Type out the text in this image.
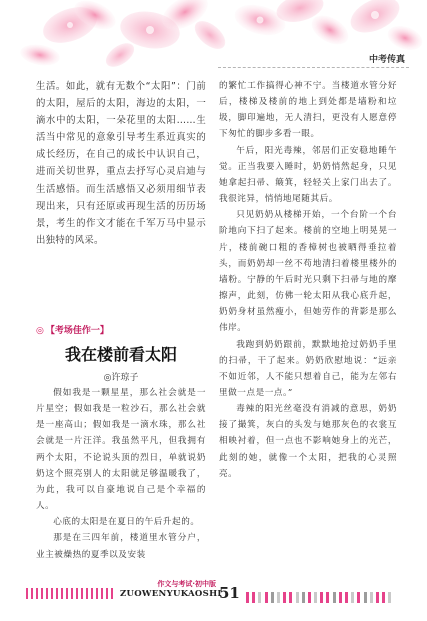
中考传真

生活。如此，就有无数个“太阳”：门前的太阳，屋后的太阳，海边的太阳，一滴水中的太阳，一朵花里的太阳……生活当中常见的意象引导考生系近真实的成长经历，在自己的成长中认识自己，进而关切世界，重点去抒写心灵启迪与生活感悟。而生活感悟又必须用细节表现出来，只有还原或再现生活的历历场景，考生的作文才能在千军万马中显示出独特的风采。

◎ 【考场佳作一】
我在楼前看太阳
◎许琼子

假如我是一颗星星，那么社会就是一片星空；假如我是一粒沙石，那么社会就是一座高山；假如我是一滴水珠，那么社会就是一片汪洋。我虽然平凡，但我拥有两个太阳，不论说头顶的烈日，单就说奶奶这个照亮别人的太阳就足够温暖我了，为此，我可以自豪地说自己是个幸福的人。

心底的太阳是在夏日的午后升起的。

那是在三四年前，楼道里水管分户，业主被燥热的夏季以及安装

的繁忙工作搞得心神不宁。当楼道水管分好后，楼梯及楼前的地上到处都是墙粉和垃圾，脚印遍地，无人清扫，更没有人愿意停下匆忙的脚步多看一眼。

午后，阳光毒辣，邻居们正安稳地睡午觉。正当我要入睡时，奶奶悄然起身，只见她拿起扫帚、簸箕，轻轻关上家门出去了。我很诧异，悄悄地尾随其后。

只见奶奶从楼梯开始，一个台阶一个台阶地向下扫了起来。楼前的空地上明晃晃一片，楼前碗口粗的香樟树也被晒得垂拉着头，而奶奶却一丝不苟地清扫着楼里楼外的墙粉。宁静的午后时光只剩下扫帚与地的摩擦声，此刻，仿佛一轮太阳从我心底升起，奶奶身材虽然瘦小，但她劳作的背影是那么伟岸。

我跑到奶奶跟前，默默地抢过奶奶手里的扫帚，干了起来。奶奶欣慰地说：“远亲不如近邻，人不能只想着自己，能为左邻右里做一点是一点。”

毒辣的阳光丝毫没有消减的意思，奶奶接了撮箕，灰白的头发与她那灰色的衣裳互相映衬着，但一点也不影响她身上的光芒，此刻的她，就像一个太阳，把我的心灵照亮。

作文与考试·初中版
ZUOWENYUKAOSHI
51
